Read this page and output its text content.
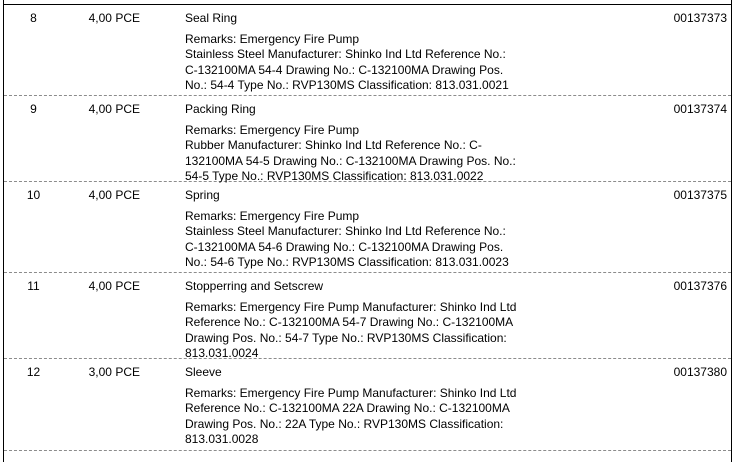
8	4,00 PCE	Seal Ring	00137373
Remarks: Emergency Fire Pump
Stainless Steel Manufacturer: Shinko Ind Ltd Reference No.:
C-132100MA 54-4 Drawing No.: C-132100MA Drawing Pos.
No.: 54-4 Type No.: RVP130MS Classification: 813.031.0021
9	4,00 PCE	Packing Ring	00137374
Remarks: Emergency Fire Pump
Rubber Manufacturer: Shinko Ind Ltd Reference No.: C-
132100MA 54-5 Drawing No.: C-132100MA Drawing Pos. No.:
54-5 Type No.: RVP130MS Classification: 813.031.0022
10	4,00 PCE	Spring	00137375
Remarks: Emergency Fire Pump
Stainless Steel Manufacturer: Shinko Ind Ltd Reference No.:
C-132100MA 54-6 Drawing No.: C-132100MA Drawing Pos.
No.: 54-6 Type No.: RVP130MS Classification: 813.031.0023
11	4,00 PCE	Stopperring and Setscrew	00137376
Remarks: Emergency Fire Pump Manufacturer: Shinko Ind Ltd
Reference No.: C-132100MA 54-7 Drawing No.: C-132100MA
Drawing Pos. No.: 54-7 Type No.: RVP130MS Classification:
813.031.0024
12	3,00 PCE	Sleeve	00137380
Remarks: Emergency Fire Pump Manufacturer: Shinko Ind Ltd
Reference No.: C-132100MA 22A Drawing No.: C-132100MA
Drawing Pos. No.: 22A Type No.: RVP130MS Classification:
813.031.0028
